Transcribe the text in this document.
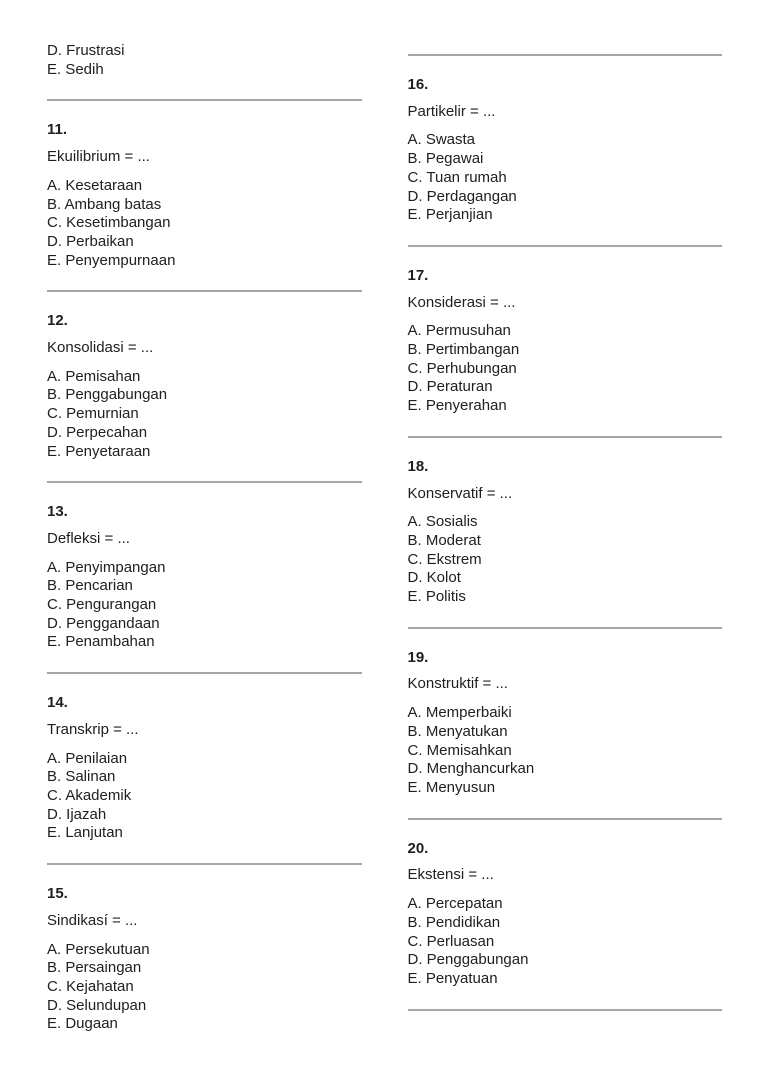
D. Frustrasi
E. Sedih
11.
Ekuilibrium = ...
A. Kesetaraan
B. Ambang batas
C. Kesetimbangan
D. Perbaikan
E. Penyempurnaan
12.
Konsolidasi = ...
A. Pemisahan
B. Penggabungan
C. Pemurnian
D. Perpecahan
E. Penyetaraan
13.
Defleksi = ...
A. Penyimpangan
B. Pencarian
C. Pengurangan
D. Penggandaan
E. Penambahan
14.
Transkrip = ...
A. Penilaian
B. Salinan
C. Akademik
D. Ijazah
E. Lanjutan
15.
Sindikasí = ...
A. Persekutuan
B. Persaingan
C. Kejahatan
D. Selundupan
E. Dugaan
16.
Partikelir = ...
A. Swasta
B. Pegawai
C. Tuan rumah
D. Perdagangan
E. Perjanjian
17.
Konsiderasi = ...
A. Permusuhan
B. Pertimbangan
C. Perhubungan
D. Peraturan
E. Penyerahan
18.
Konservatif = ...
A. Sosialis
B. Moderat
C. Ekstrem
D. Kolot
E. Politis
19.
Konstruktif = ...
A. Memperbaiki
B. Menyatukan
C. Memisahkan
D. Menghancurkan
E. Menyusun
20.
Ekstensi = ...
A. Percepatan
B. Pendidikan
C. Perluasan
D. Penggabungan
E. Penyatuan
